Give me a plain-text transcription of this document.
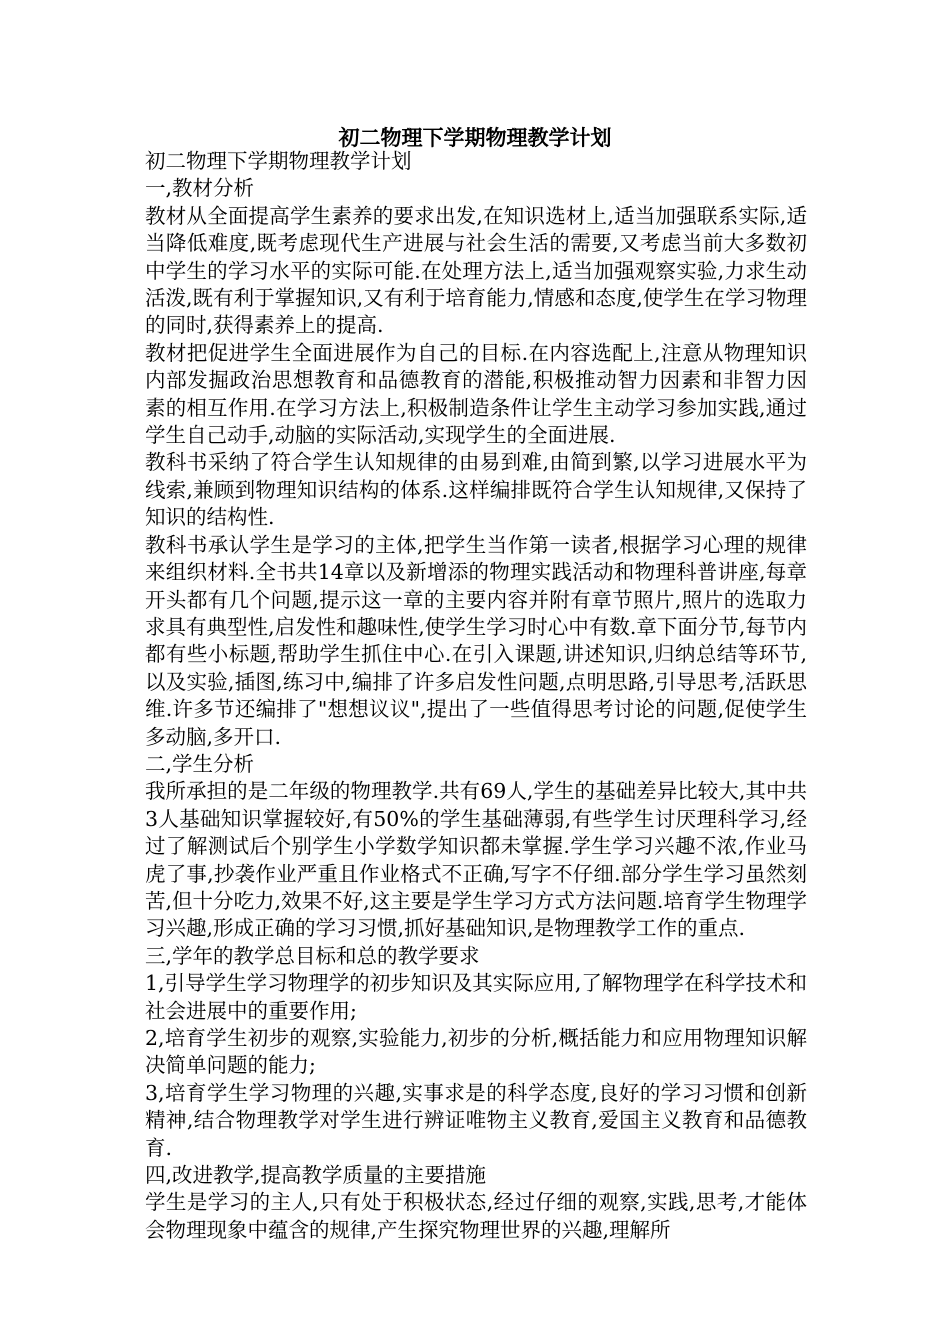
初二物理下学期物理教学计划

初二物理下学期物理教学计划

一,教材分析

教材从全面提高学生素养的要求出发,在知识选材上,适当加强联系实际,适当降低难度,既考虑现代生产进展与社会生活的需要,又考虑当前大多数初中学生的学习水平的实际可能.在处理方法上,适当加强观察实验,力求生动活泼,既有利于掌握知识,又有利于培育能力,情感和态度,使学生在学习物理的同时,获得素养上的提高.

教材把促进学生全面进展作为自己的目标.在内容选配上,注意从物理知识内部发掘政治思想教育和品德教育的潜能,积极推动智力因素和非智力因素的相互作用.在学习方法上,积极制造条件让学生主动学习参加实践,通过学生自己动手,动脑的实际活动,实现学生的全面进展.

教科书采纳了符合学生认知规律的由易到难,由简到繁,以学习进展水平为线索,兼顾到物理知识结构的体系.这样编排既符合学生认知规律,又保持了知识的结构性.

教科书承认学生是学习的主体,把学生当作第一读者,根据学习心理的规律来组织材料.全书共14章以及新增添的物理实践活动和物理科普讲座,每章开头都有几个问题,提示这一章的主要内容并附有章节照片,照片的选取力求具有典型性,启发性和趣味性,使学生学习时心中有数.章下面分节,每节内都有些小标题,帮助学生抓住中心.在引入课题,讲述知识,归纳总结等环节,以及实验,插图,练习中,编排了许多启发性问题,点明思路,引导思考,活跃思维.许多节还编排了"想想议议",提出了一些值得思考讨论的问题,促使学生多动脑,多开口.

二,学生分析

我所承担的是二年级的物理教学.共有69人,学生的基础差异比较大,其中共3人基础知识掌握较好,有50%的学生基础薄弱,有些学生讨厌理科学习,经过了解测试后个别学生小学数学知识都未掌握.学生学习兴趣不浓,作业马虎了事,抄袭作业严重且作业格式不正确,写字不仔细.部分学生学习虽然刻苦,但十分吃力,效果不好,这主要是学生学习方式方法问题.培育学生物理学习兴趣,形成正确的学习习惯,抓好基础知识,是物理教学工作的重点.

三,学年的教学总目标和总的教学要求

1,引导学生学习物理学的初步知识及其实际应用,了解物理学在科学技术和社会进展中的重要作用;

2,培育学生初步的观察,实验能力,初步的分析,概括能力和应用物理知识解决简单问题的能力;

3,培育学生学习物理的兴趣,实事求是的科学态度,良好的学习习惯和创新精神,结合物理教学对学生进行辨证唯物主义教育,爱国主义教育和品德教育.

四,改进教学,提高教学质量的主要措施

学生是学习的主人,只有处于积极状态,经过仔细的观察,实践,思考,才能体会物理现象中蕴含的规律,产生探究物理世界的兴趣,理解所
